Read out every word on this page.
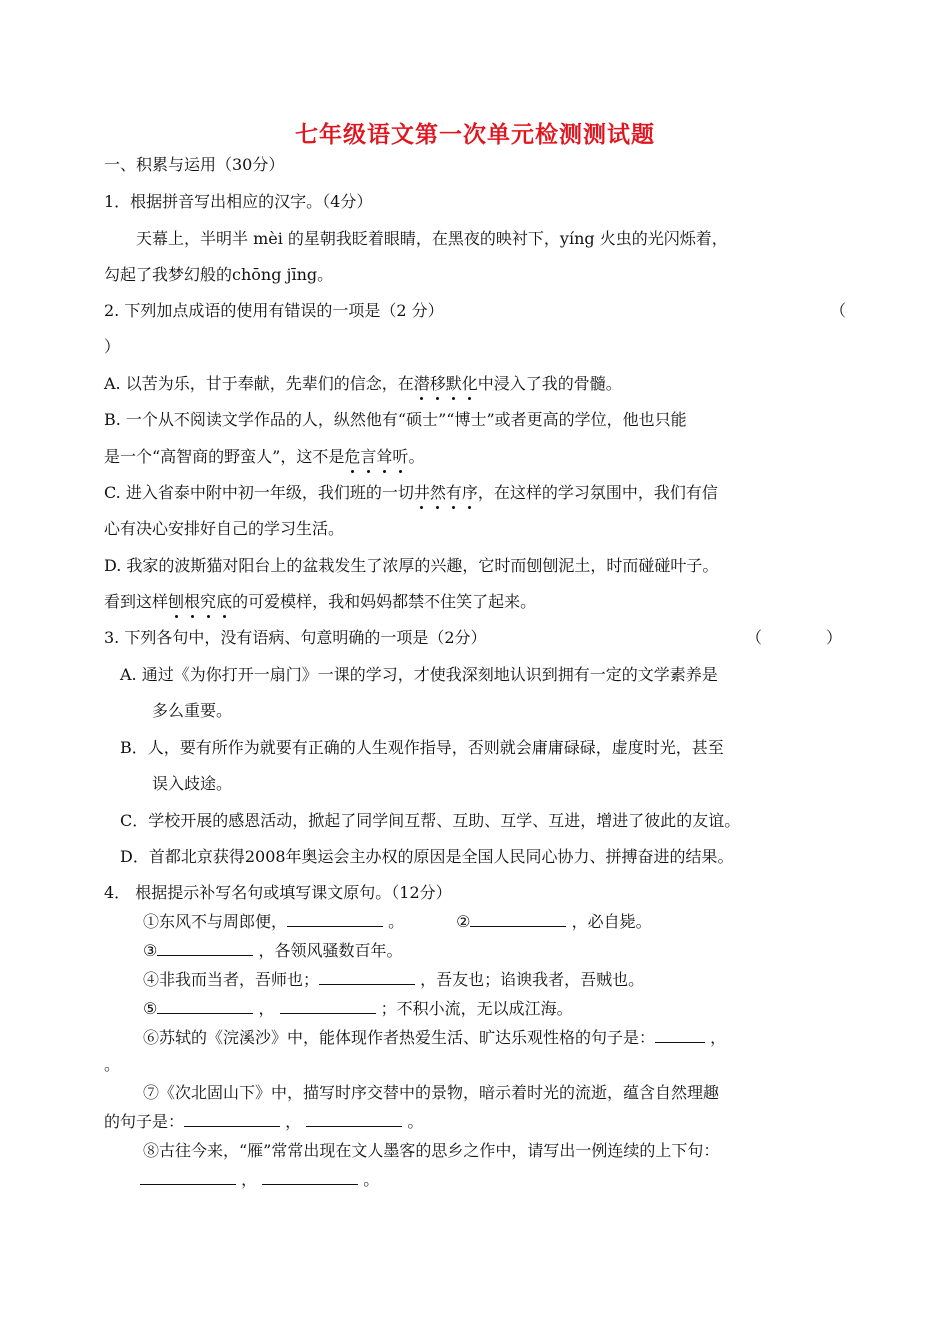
七年级语文第一次单元检测测试题
一、积累与运用（30分）
1．根据拼音写出相应的汉字。（4分）
天幕上，半明半 mèi 的星朝我眨着眼睛，在黑夜的映衬下，yíng 火虫的光闪烁着，
勾起了我梦幻般的chōng jīng。
2. 下列加点成语的使用有错误的一项是（2 分）	（
）
A. 以苦为乐，甘于奉献，先辈们的信念，在潜移默化中浸入了我的骨髓。
B. 一个从不阅读文学作品的人，纵然他有“硕士”“博士”或者更高的学位，他也只能
是一个“高智商的野蛮人”，这不是危言耸听。
C. 进入省泰中附中初一年级，我们班的一切井然有序，在这样的学习氛围中，我们有信
心有决心安排好自己的学习生活。
D. 我家的波斯猫对阳台上的盆栽发生了浓厚的兴趣，它时而刨刨泥土，时而碰碰叶子。
看到这样刨根究底的可爱模样，我和妈妈都禁不住笑了起来。
3. 下列各句中，没有语病、句意明确的一项是（2分）	（　　　　）
A. 通过《为你打开一扇门》一课的学习，才使我深刻地认识到拥有一定的文学素养是
多么重要。
B．人，要有所作为就要有正确的人生观作指导，否则就会庸庸碌碌，虚度时光，甚至
误入歧途。
C．学校开展的感恩活动，掀起了同学间互帮、互助、互学、互进，增进了彼此的友谊。
D．首都北京获得2008年奥运会主办权的原因是全国人民同心协力、拼搏奋进的结果。
4． 根据提示补写名句或填写课文原句。（12分）
①东风不与周郎便，	。	②	，必自毙。
③	，各领风骚数百年。
④非我而当者，吾师也；	，吾友也；谄谀我者，吾贼也。
⑤	，	；不积小流，无以成江海。
⑥苏轼的《浣溪沙》中，能体现作者热爱生活、旷达乐观性格的句子是：	，
。
⑦《次北固山下》中，描写时序交替中的景物，暗示着时光的流逝，蕴含自然理趣
的句子是：	，	。
⑧古往今来，“雁”常常出现在文人墨客的思乡之作中，请写出一例连续的上下句：
，	。
